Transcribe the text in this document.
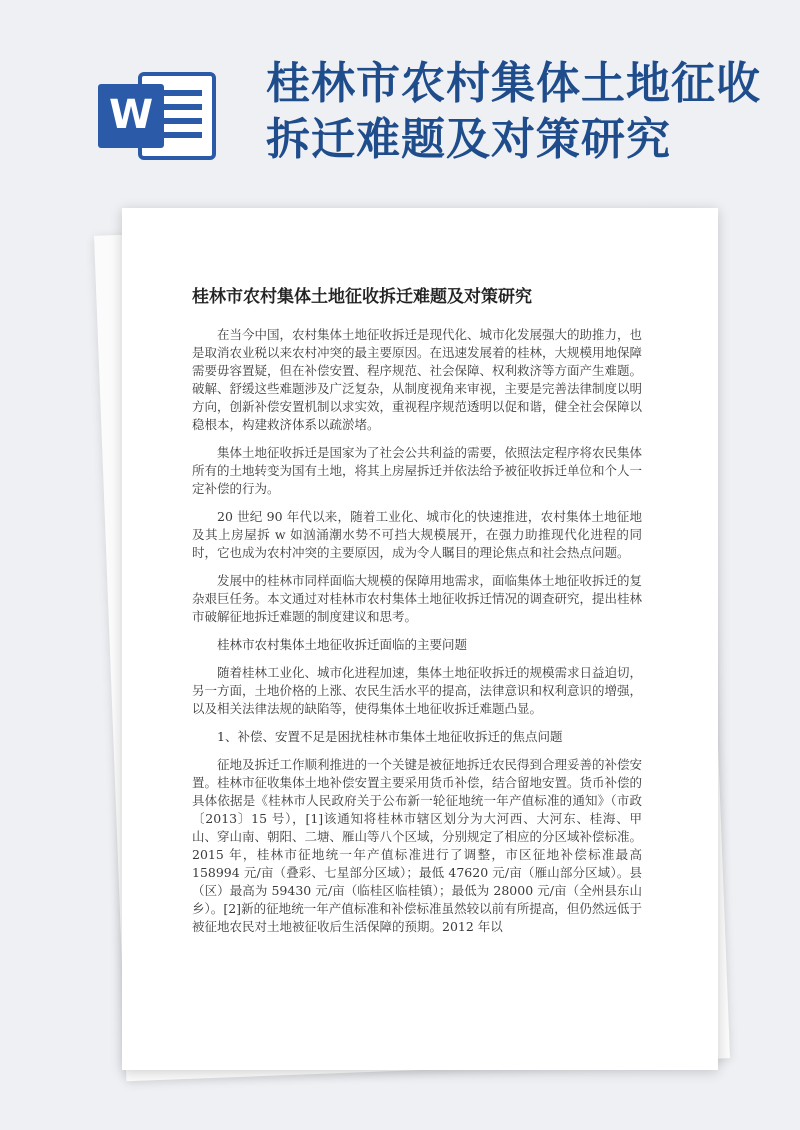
W
桂林市农村集体土地征收拆迁难题及对策研究
桂林市农村集体土地征收拆迁难题及对策研究

在当今中国，农村集体土地征收拆迁是现代化、城市化发展强大的助推力，也是取消农业税以来农村冲突的最主要原因。在迅速发展着的桂林，大规模用地保障需要毋容置疑，但在补偿安置、程序规范、社会保障、权利救济等方面产生难题。破解、舒缓这些难题涉及广泛复杂，从制度视角来审视，主要是完善法律制度以明方向，创新补偿安置机制以求实效，重视程序规范透明以促和谐，健全社会保障以稳根本，构建救济体系以疏淤堵。

集体土地征收拆迁是国家为了社会公共利益的需要，依照法定程序将农民集体所有的土地转变为国有土地，将其上房屋拆迁并依法给予被征收拆迁单位和个人一定补偿的行为。

20 世纪 90 年代以来，随着工业化、城市化的快速推进，农村集体土地征地及其上房屋拆 w 如汹涌潮水势不可挡大规模展开，在强力助推现代化进程的同时，它也成为农村冲突的主要原因，成为令人瞩目的理论焦点和社会热点问题。

发展中的桂林市同样面临大规模的保障用地需求，面临集体土地征收拆迁的复杂艰巨任务。本文通过对桂林市农村集体土地征收拆迁情况的调查研究，提出桂林市破解征地拆迁难题的制度建议和思考。

桂林市农村集体土地征收拆迁面临的主要问题

随着桂林工业化、城市化进程加速，集体土地征收拆迁的规模需求日益迫切，另一方面，土地价格的上涨、农民生活水平的提高，法律意识和权利意识的增强，以及相关法律法规的缺陷等，使得集体土地征收拆迁难题凸显。

1、补偿、安置不足是困扰桂林市集体土地征收拆迁的焦点问题

征地及拆迁工作顺利推进的一个关键是被征地拆迁农民得到合理妥善的补偿安置。桂林市征收集体土地补偿安置主要采用货币补偿，结合留地安置。货币补偿的具体依据是《桂林市人民政府关于公布新一轮征地统一年产值标准的通知》（市政〔2013〕15 号），[1]该通知将桂林市辖区划分为大河西、大河东、桂海、甲山、穿山南、朝阳、二塘、雁山等八个区域，分别规定了相应的分区域补偿标准。2015 年，桂林市征地统一年产值标准进行了调整，市区征地补偿标准最高 158994 元/亩（叠彩、七星部分区域）；最低 47620 元/亩（雁山部分区域）。县（区）最高为 59430 元/亩（临桂区临桂镇）；最低为 28000 元/亩（全州县东山乡）。[2]新的征地统一年产值标准和补偿标准虽然较以前有所提高，但仍然远低于被征地农民对土地被征收后生活保障的预期。2012 年以
